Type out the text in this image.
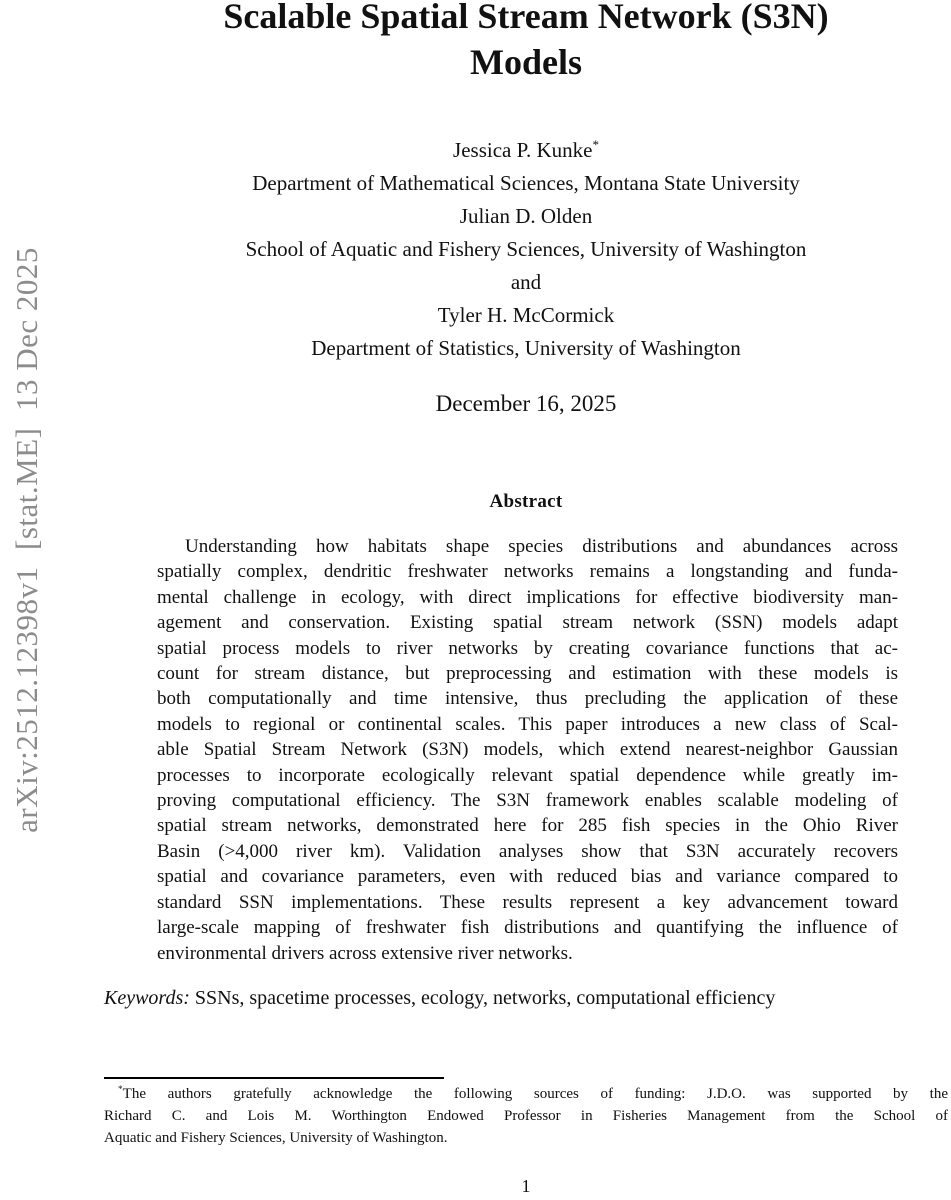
arXiv:2512.12398v1  [stat.ME]  13 Dec 2025
Scalable Spatial Stream Network (S3N)
Models
Jessica P. Kunke*
Department of Mathematical Sciences, Montana State University
Julian D. Olden
School of Aquatic and Fishery Sciences, University of Washington
and
Tyler H. McCormick
Department of Statistics, University of Washington
December 16, 2025
Abstract
Understanding how habitats shape species distributions and abundances across
spatially complex, dendritic freshwater networks remains a longstanding and funda-
mental challenge in ecology, with direct implications for effective biodiversity man-
agement and conservation. Existing spatial stream network (SSN) models adapt
spatial process models to river networks by creating covariance functions that ac-
count for stream distance, but preprocessing and estimation with these models is
both computationally and time intensive, thus precluding the application of these
models to regional or continental scales. This paper introduces a new class of Scal-
able Spatial Stream Network (S3N) models, which extend nearest-neighbor Gaussian
processes to incorporate ecologically relevant spatial dependence while greatly im-
proving computational efficiency. The S3N framework enables scalable modeling of
spatial stream networks, demonstrated here for 285 fish species in the Ohio River
Basin (>4,000 river km). Validation analyses show that S3N accurately recovers
spatial and covariance parameters, even with reduced bias and variance compared to
standard SSN implementations. These results represent a key advancement toward
large-scale mapping of freshwater fish distributions and quantifying the influence of
environmental drivers across extensive river networks.
Keywords: SSNs, spacetime processes, ecology, networks, computational efficiency
*The authors gratefully acknowledge the following sources of funding: J.D.O. was supported by the
Richard C. and Lois M. Worthington Endowed Professor in Fisheries Management from the School of
Aquatic and Fishery Sciences, University of Washington.
1
